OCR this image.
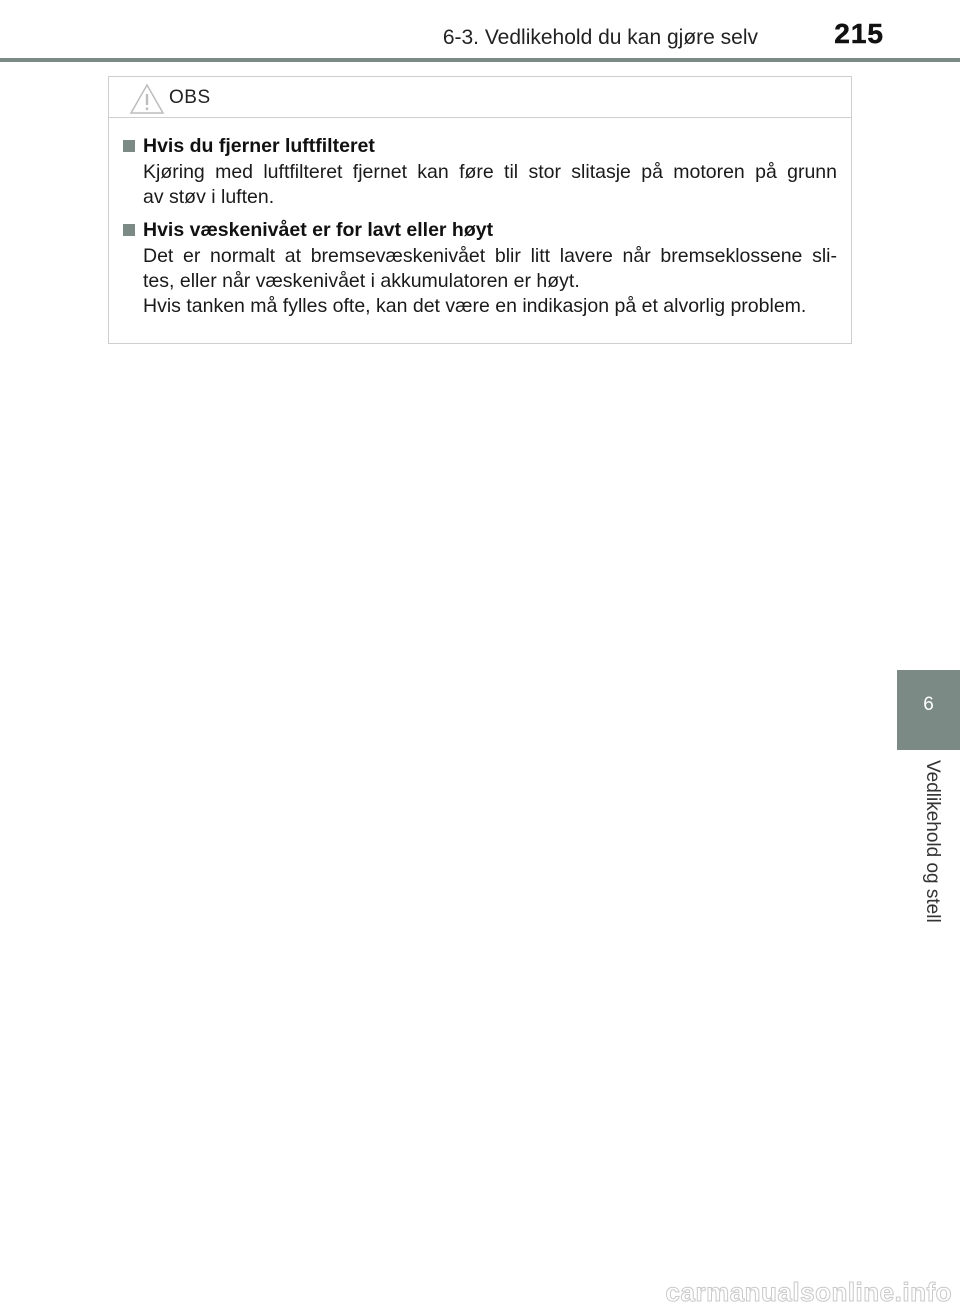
6-3. Vedlikehold du kan gjøre selv	215
OBS
Hvis du fjerner luftfilteret

Kjøring med luftfilteret fjernet kan føre til stor slitasje på motoren på grunn

av støv i luften.

Hvis væskenivået er for lavt eller høyt

Det er normalt at bremsevæskenivået blir litt lavere når bremseklossene sli-

tes, eller når væskenivået i akkumulatoren er høyt.

Hvis tanken må fylles ofte, kan det være en indikasjon på et alvorlig problem.

6
Vedlikehold og stell
carmanualsonline.info
